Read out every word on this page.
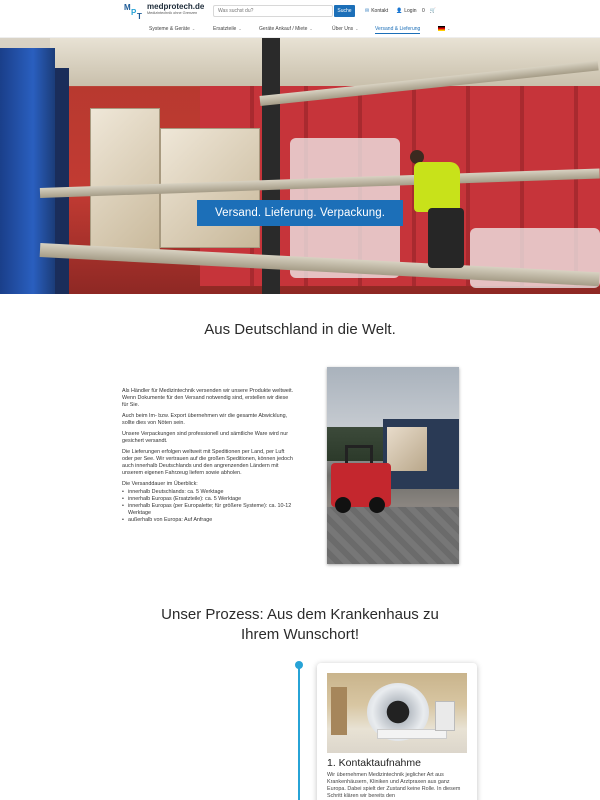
M
P T
medprotech.de
Medizintechnik ohne Grenzen
Was suchst du?	Suche	✉ Kontakt 👤 Login 0 🛒
Systeme & Geräte ⌄	Ersatzteile ⌄	Geräte Ankauf / Miete ⌄	Über Uns ⌄	Versand & Lieferung	⌄
Versand. Lieferung. Verpackung.
Aus Deutschland in die Welt.

Als Händler für Medizintechnik versenden wir unsere Produkte weltweit. Wenn Dokumente für den Versand notwendig sind, erstellen wir diese für Sie.

Auch beim Im- bzw. Export übernehmen wir die gesamte Abwicklung, sollte dies von Nöten sein.

Unsere Verpackungen sind professionell und sämtliche Ware wird nur gesichert versandt.

Die Lieferungen erfolgen weltweit mit Speditionen per Land, per Luft oder per See. Wir vertrauen auf die großen Speditionen, können jedoch auch innerhalb Deutschlands und den angrenzenden Ländern mit unserem eigenen Fahrzeug liefern sowie abholen.

Die Versanddauer im Überblick:

• innerhalb Deutschlands: ca. 5 Werktage
• innerhalb Europas (Ersatzteile): ca. 5 Werktage
• innerhalb Europas (per Europalette; für größere Systeme): ca. 10-12 Werktage
• außerhalb von Europa: Auf Anfrage
Unser Prozess: Aus dem Krankenhaus zu
Ihrem Wunschort!
1. Kontaktaufnahme
Wir übernehmen Medizintechnik jeglicher Art aus Krankenhäusern, Kliniken und Arztpraxen aus ganz Europa. Dabei spielt der Zustand keine Rolle. In diesem Schritt klären wir bereits den
